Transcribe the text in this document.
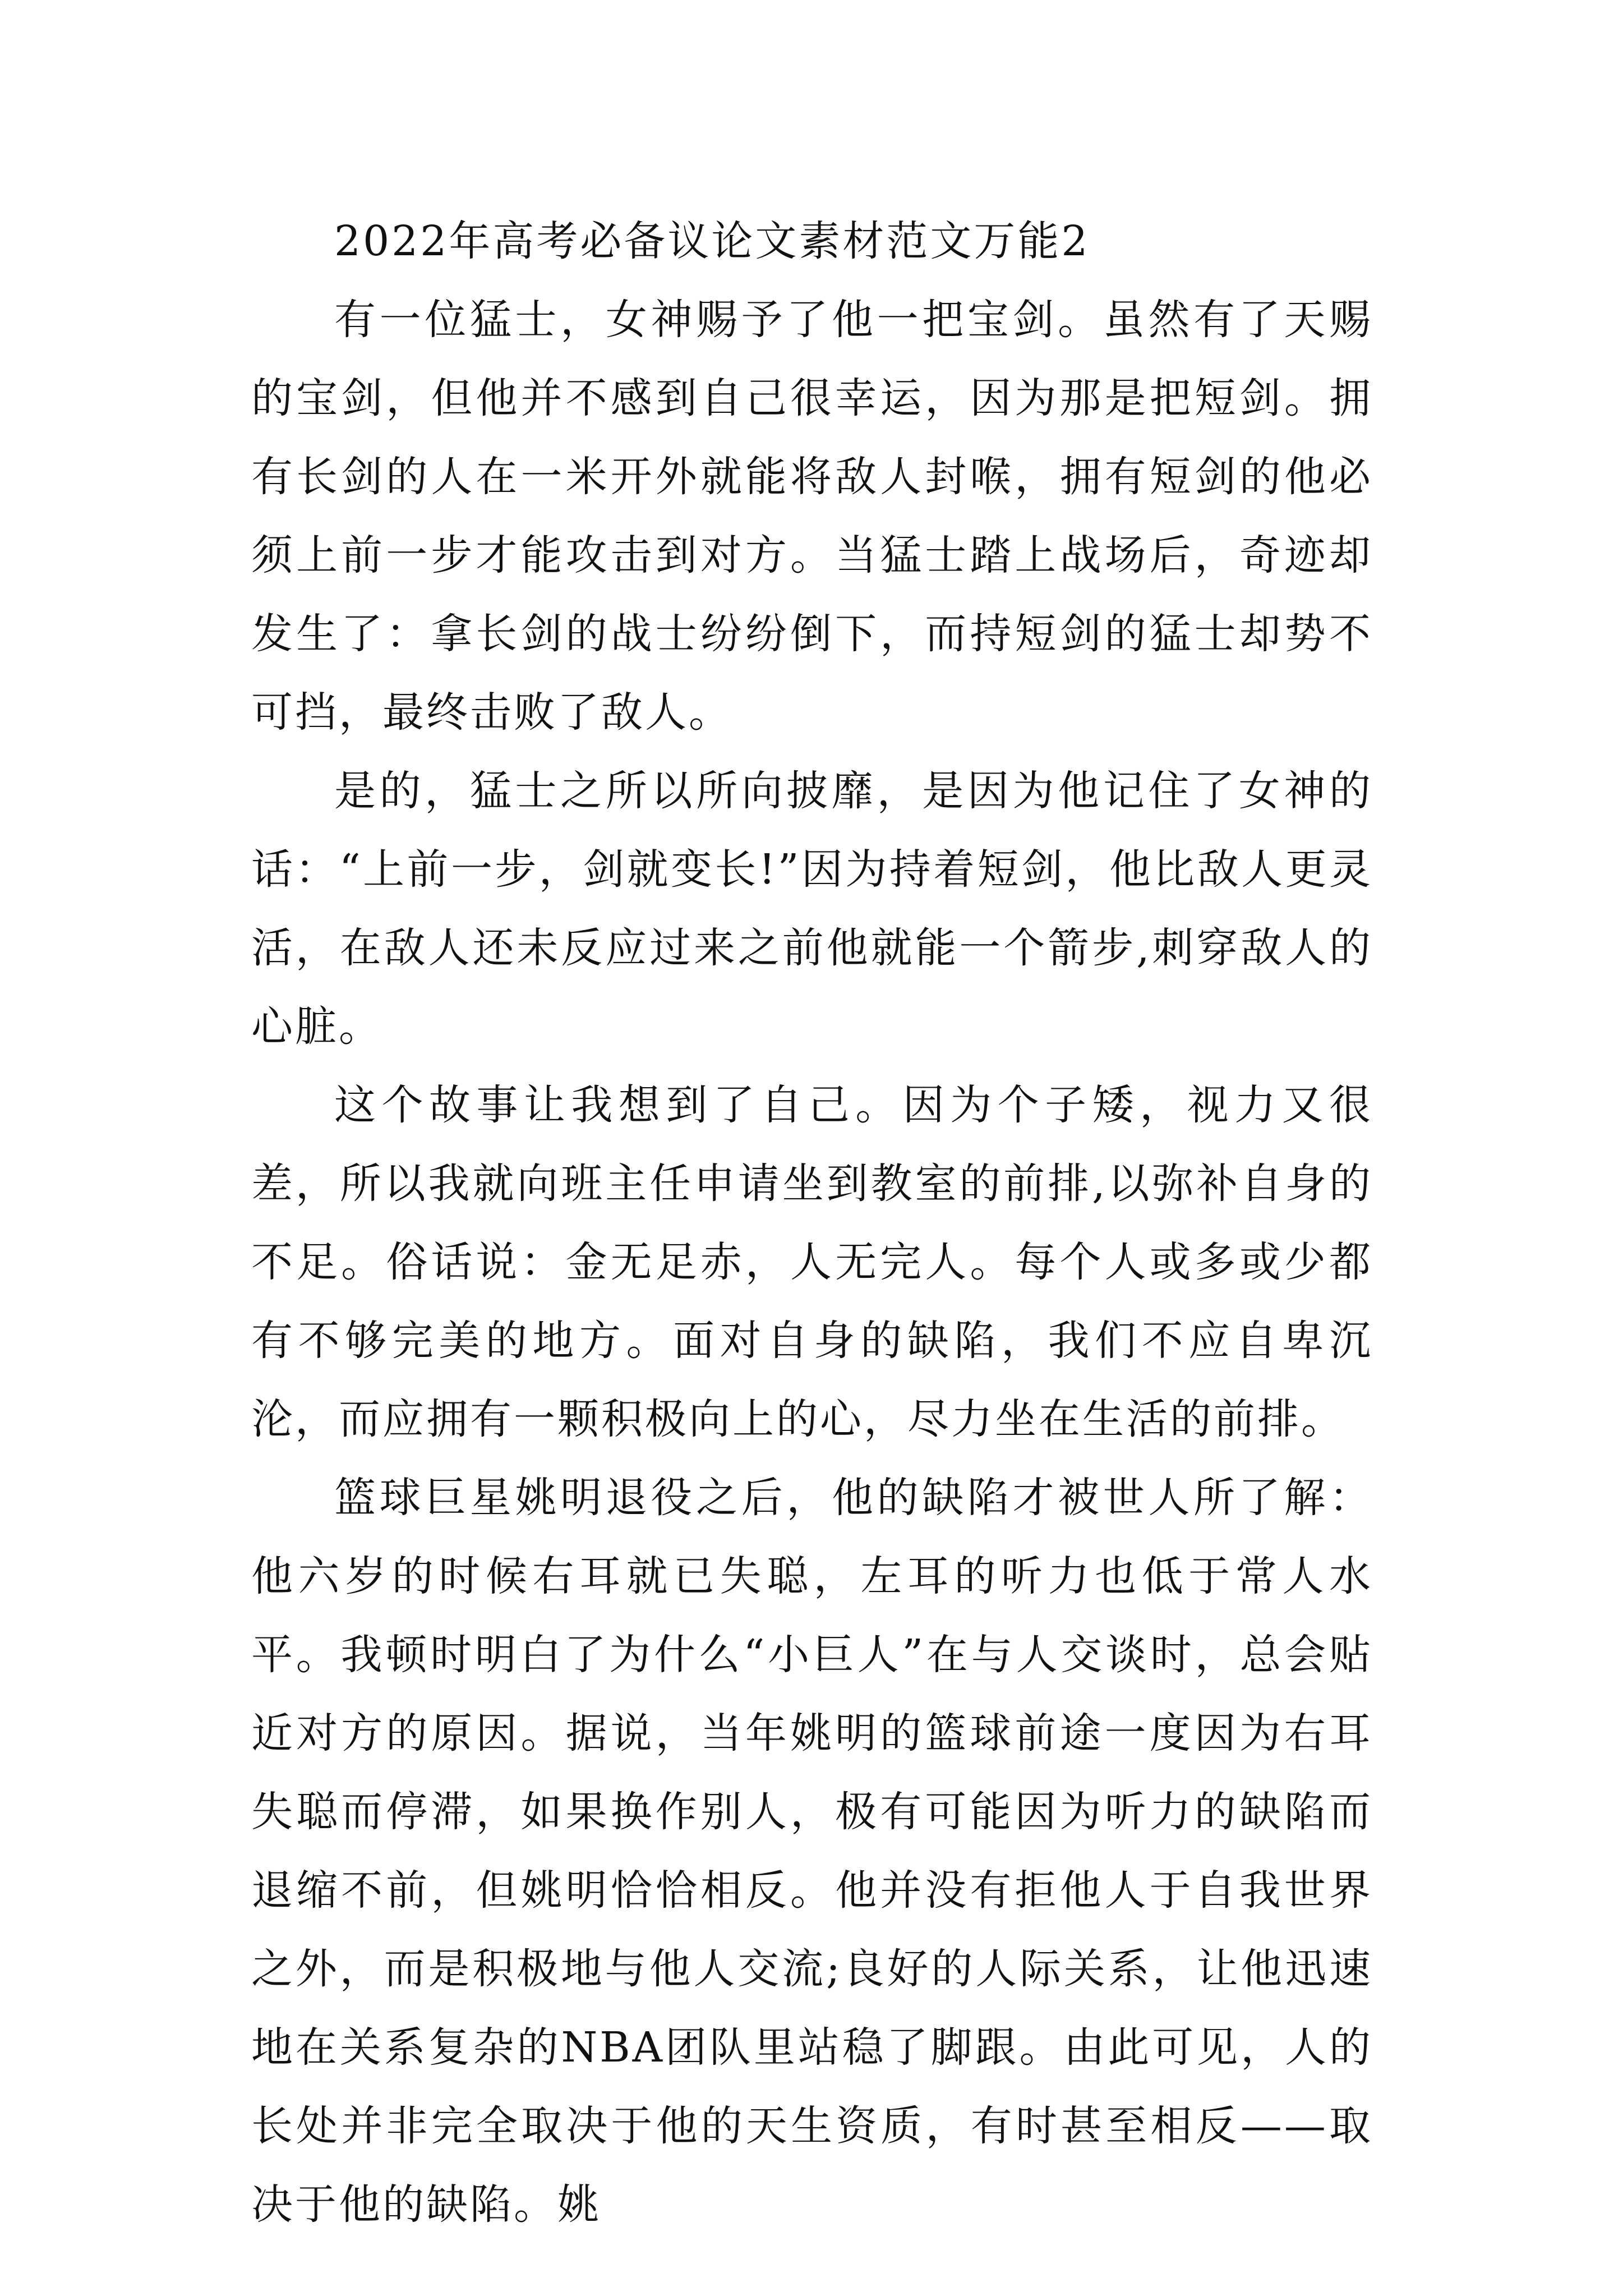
2022年高考必备议论文素材范文万能2

有一位猛士，女神赐予了他一把宝剑。虽然有了天赐的宝剑，但他并不感到自己很幸运，因为那是把短剑。拥有长剑的人在一米开外就能将敌人封喉，拥有短剑的他必须上前一步才能攻击到对方。当猛士踏上战场后，奇迹却发生了：拿长剑的战士纷纷倒下，而持短剑的猛士却势不可挡，最终击败了敌人。

是的，猛士之所以所向披靡，是因为他记住了女神的话：“上前一步，剑就变长!”因为持着短剑，他比敌人更灵活，在敌人还未反应过来之前他就能一个箭步,刺穿敌人的心脏。

这个故事让我想到了自己。因为个子矮，视力又很差，所以我就向班主任申请坐到教室的前排,以弥补自身的不足。俗话说：金无足赤，人无完人。每个人或多或少都有不够完美的地方。面对自身的缺陷，我们不应自卑沉沦，而应拥有一颗积极向上的心，尽力坐在生活的前排。

篮球巨星姚明退役之后，他的缺陷才被世人所了解：他六岁的时候右耳就已失聪，左耳的听力也低于常人水平。我顿时明白了为什么“小巨人”在与人交谈时，总会贴近对方的原因。据说，当年姚明的篮球前途一度因为右耳失聪而停滞，如果换作别人，极有可能因为听力的缺陷而退缩不前，但姚明恰恰相反。他并没有拒他人于自我世界之外，而是积极地与他人交流;良好的人际关系，让他迅速地在关系复杂的NBA团队里站稳了脚跟。由此可见，人的长处并非完全取决于他的天生资质，有时甚至相反——取决于他的缺陷。姚
